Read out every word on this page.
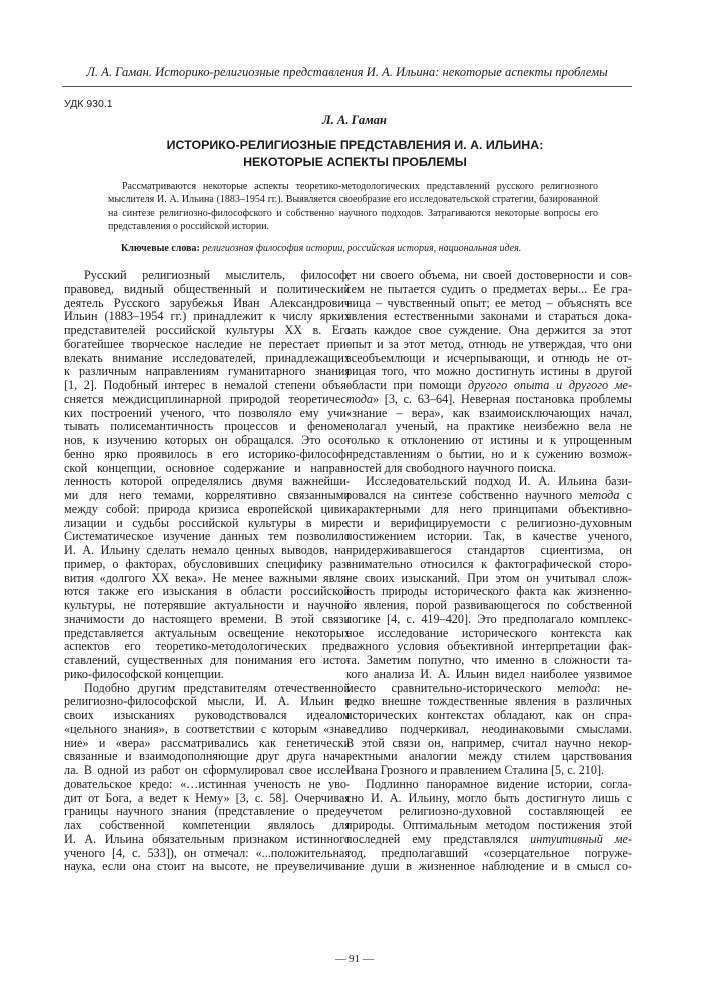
Л. А. Гаман. Историко-религиозные представления И. А. Ильина: некоторые аспекты проблемы
УДК 930.1
Л. А. Гаман
ИСТОРИКО-РЕЛИГИОЗНЫЕ ПРЕДСТАВЛЕНИЯ И. А. ИЛЬИНА:
НЕКОТОРЫЕ АСПЕКТЫ ПРОБЛЕМЫ
Рассматриваются некоторые аспекты теоретико-методологических представлений русского религиозного мыслителя И. А. Ильина (1883–1954 гг.). Выявляется своеобразие его исследовательской стратегии, базированной на синтезе религиозно-философского и собственно научного подходов. Затрагиваются некоторые вопросы его представления о российской истории.
Ключевые слова: религиозная философия истории, российская история, национальная идея.
Русский религиозный мыслитель, философ,
правовед, видный общественный и политический
деятель Русского зарубежья Иван Александрович
Ильин (1883–1954 гг.) принадлежит к числу ярких
представителей российской культуры XX в. Его
богатейшее творческое наследие не перестает при-
влекать внимание исследователей, принадлежащих
к различным направлениям гуманитарного знания
[1, 2]. Подобный интерес в немалой степени объя-
сняется междисциплинарной природой теоретичес-
ких построений ученого, что позволяло ему учи-
тывать полисемантичность процессов и феноме-
нов, к изучению которых он обращался. Это осо-
бенно ярко проявилось в его историко-философ-
ской концепции, основное содержание и направ-
ленность которой определялись двумя важнейши-
ми для него темами, коррелятивно связанными
между собой: природа кризиса европейской циви-
лизации и судьбы российской культуры в мире.
Систематическое изучение данных тем позволило
И. А. Ильину сделать немало ценных выводов, на-
пример, о факторах, обусловивших специфику раз-
вития «долгого XX века». Не менее важными явля-
ются также его изыскания в области российской
культуры, не потерявшие актуальности и научной
значимости до настоящего времени. В этой связи
представляется актуальным освещение некоторых
аспектов его теоретико-методологических пред-
ставлений, существенных для понимания его исто-
рико-философской концепции.
Подобно другим представителям отечественной
религиозно-философской мысли, И. А. Ильин в
своих изысканиях руководствовался идеалом
«цельного знания», в соответствии с которым «зна-
ние» и «вера» рассматривались как генетически
связанные и взаимодополняющие друг друга нача-
ла. В одной из работ он сформулировал свое иссле-
довательское кредо: «…истинная ученость не уво-
дит от Бога, а ведет к Нему» [3, с. 58]. Очерчивая
границы научного знания (представление о преде-
лах собственной компетенции являлось для
И. А. Ильина обязательным признаком истинного
ученого [4, с. 533]), он отмечал: «...положительная
наука, если она стоит на высоте, не преувеличива-
ет ни своего объема, ни своей достоверности и сов-
сем не пытается судить о предметах веры... Ее гра-
ница – чувственный опыт; ее метод – объяснять все
явления естественными законами и стараться дока-
зать каждое свое суждение. Она держится за этот
опыт и за этот метод, отнюдь не утверждая, что они
всеобъемлющи и исчерпывающи, и отнюдь не от-
рицая того, что можно достигнуть истины в другой
области при помощи другого опыта и другого ме-
тода» [3, с. 63–64]. Неверная постановка проблемы
«знание – вера», как взаимоисключающих начал,
полагал ученый, на практике неизбежно вела не
только к отклонению от истины и к упрощенным
представлениям о бытии, но и к сужению возмож-
ностей для свободного научного поиска.
Исследовательский подход И. А. Ильина бази-
ровался на синтезе собственно научного метода с
характерными для него принципами объективно-
сти и верифицируемости с религиозно-духовным
постижением истории. Так, в качестве ученого,
придерживавшегося стандартов сциентизма, он
внимательно относился к фактографической сторо-
не своих изысканий. При этом он учитывал слож-
ность природы исторического факта как жизненно-
го явления, порой развивающегося по собственной
логике [4, с. 419–420]. Это предполагало комплекс-
ное исследование исторического контекста как
важного условия объективной интерпретации фак-
та. Заметим попутно, что именно в сложности та-
кого анализа И. А. Ильин видел наиболее уязвимое
место сравнительно-исторического метода: не-
редко внешне тождественные явления в различных
исторических контекстах обладают, как он спра-
ведливо подчеркивал, неодинаковыми смыслами.
В этой связи он, например, считал научно некор-
ректными аналогии между стилем царствования
Ивана Грозного и правлением Сталина [5, с. 210].
Подлинно панорамное видение истории, согла-
сно И. А. Ильину, могло быть достигнуто лишь с
учетом религиозно-духовной составляющей ее
природы. Оптимальным методом постижения этой
последней ему представлялся интуитивный ме-
тод, предполагавший «созерцательное погруже-
ние души в жизненное наблюдение и в смысл со-
— 91 —
